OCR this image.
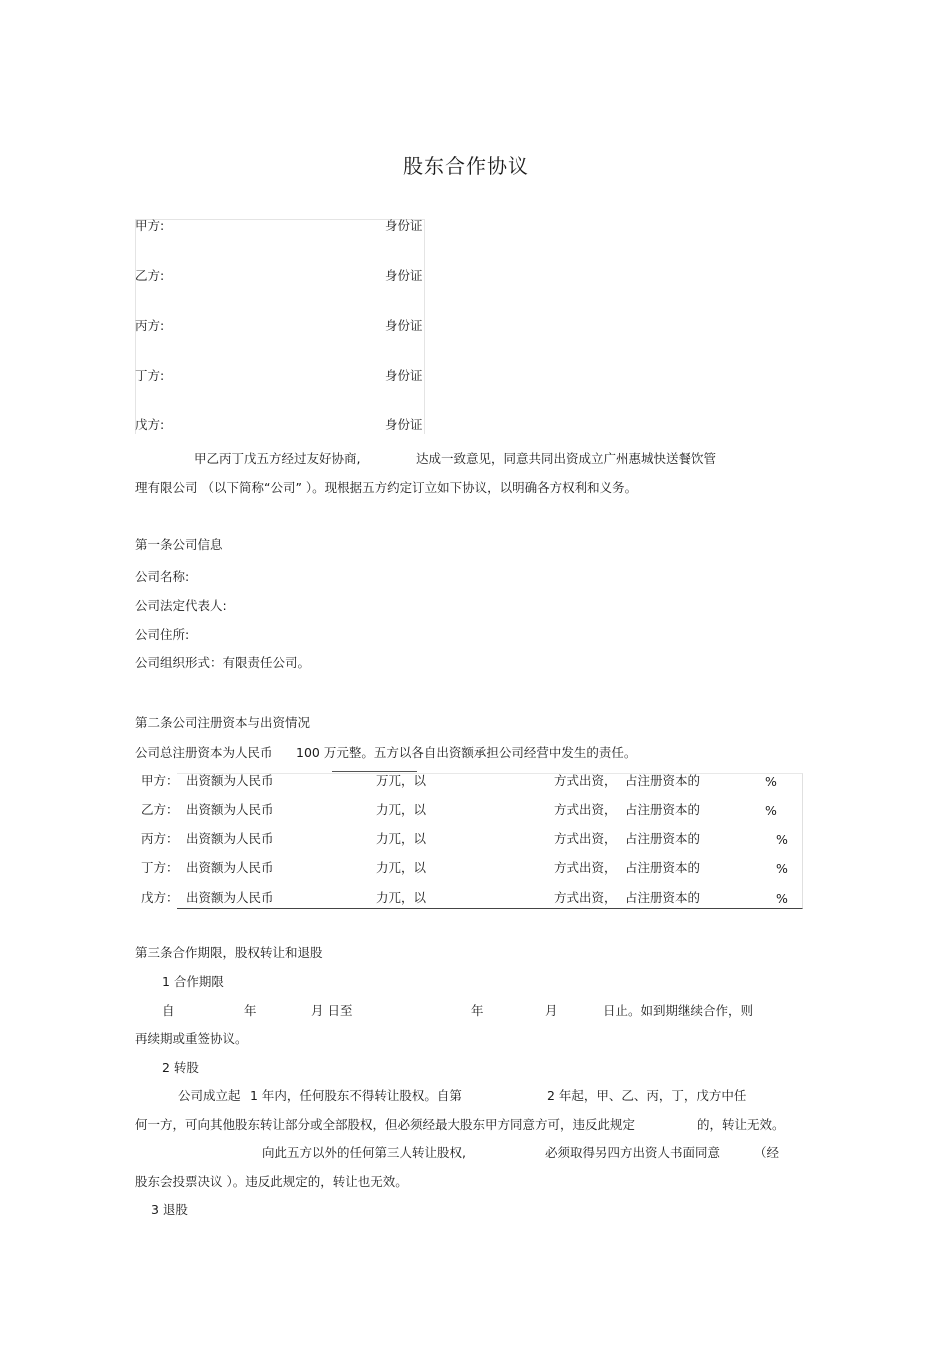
股东合作协议
甲方:	身份证
乙方:	身份证
丙方:	身份证
丁方:	身份证
戊方:	身份证
甲乙丙丁戊五方经过友好协商,	达成一致意见，同意共同出资成立广州惠城快送餐饮管
理有限公司 （以下简称“公司” ）。现根据五方约定订立如下协议，以明确各方权利和义务。
第一条公司信息
公司名称:
公司法定代表人:
公司住所:
公司组织形式：有限责任公司。
第二条公司注册资本与出资情况
公司总注册资本为人民币 100 万元整。五方以各自出资额承担公司经营中发生的责任。
甲方： 出资额为人民币	万兀，以	方式出资， 占注册资本的	%
乙方： 出资额为人民币	力兀，以	方式出资， 占注册资本的	%
丙方： 出资额为人民币	力兀，以	方式出资， 占注册资本的	%
丁方： 出资额为人民币	力兀，以	方式出资， 占注册资本的	%
戊方： 出资额为人民币	力兀，以	方式出资， 占注册资本的	%
第三条合作期限，股权转让和退股
1 合作期限
自	年	月 日至	年	月	日止。如到期继续合作，则
再续期或重签协议。
2 转股
公司成立起 1 年内，任何股东不得转让股权。自第	2 年起，甲、乙、丙，丁，戊方中任
何一方，可向其他股东转让部分或全部股权，但必须经最大股东甲方同意方可，违反此规定	的，转让无效。
向此五方以外的任何第三人转让股权,	必须取得另四方出资人书面同意	（经
股东会投票决议 ）。违反此规定的，转让也无效。
3 退股
